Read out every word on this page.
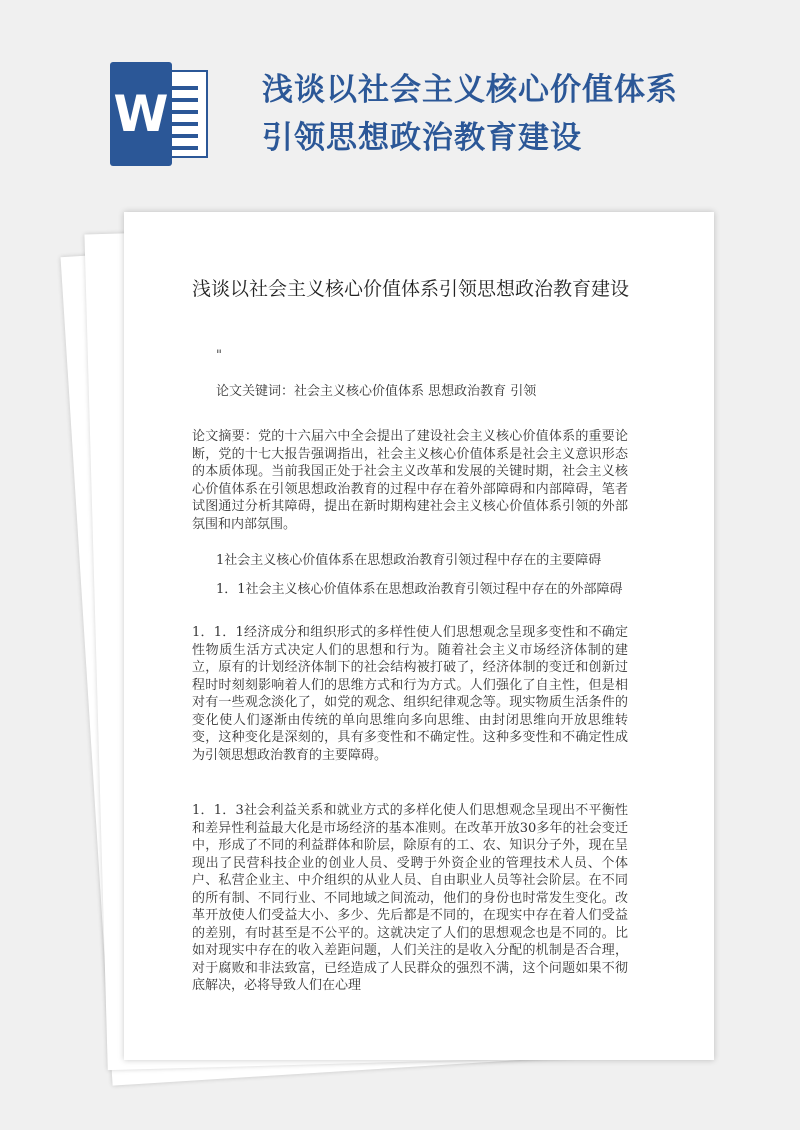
W	浅谈以社会主义核心价值体系
引领思想政治教育建设
浅谈以社会主义核心价值体系引领思想政治教育建设
"
论文关键词：社会主义核心价值体系 思想政治教育 引领
论文摘要：党的十六届六中全会提出了建设社会主义核心价值体系的重要论断，党的十七大报告强调指出，社会主义核心价值体系是社会主义意识形态的本质体现。当前我国正处于社会主义改革和发展的关键时期，社会主义核心价值体系在引领思想政治教育的过程中存在着外部障碍和内部障碍，笔者试图通过分析其障碍，提出在新时期构建社会主义核心价值体系引领的外部氛围和内部氛围。
1社会主义核心价值体系在思想政治教育引领过程中存在的主要障碍
1．1社会主义核心价值体系在思想政治教育引领过程中存在的外部障碍
1．1．1经济成分和组织形式的多样性使人们思想观念呈现多变性和不确定性物质生活方式决定人们的思想和行为。随着社会主义市场经济体制的建立，原有的计划经济体制下的社会结构被打破了，经济体制的变迁和创新过程时时刻刻影响着人们的思维方式和行为方式。人们强化了自主性，但是相对有一些观念淡化了，如党的观念、组织纪律观念等。现实物质生活条件的变化使人们逐渐由传统的单向思维向多向思维、由封闭思维向开放思维转变，这种变化是深刻的，具有多变性和不确定性。这种多变性和不确定性成为引领思想政治教育的主要障碍。
1．1．3社会利益关系和就业方式的多样化使人们思想观念呈现出不平衡性和差异性利益最大化是市场经济的基本准则。在改革开放30多年的社会变迁中，形成了不同的利益群体和阶层，除原有的工、农、知识分子外，现在呈现出了民营科技企业的创业人员、受聘于外资企业的管理技术人员、个体户、私营企业主、中介组织的从业人员、自由职业人员等社会阶层。在不同的所有制、不同行业、不同地域之间流动，他们的身份也时常发生变化。改革开放使人们受益大小、多少、先后都是不同的，在现实中存在着人们受益的差别，有时甚至是不公平的。这就决定了人们的思想观念也是不同的。比如对现实中存在的收入差距问题，人们关注的是收入分配的机制是否合理，对于腐败和非法致富，已经造成了人民群众的强烈不满，这个问题如果不彻底解决，必将导致人们在心理
